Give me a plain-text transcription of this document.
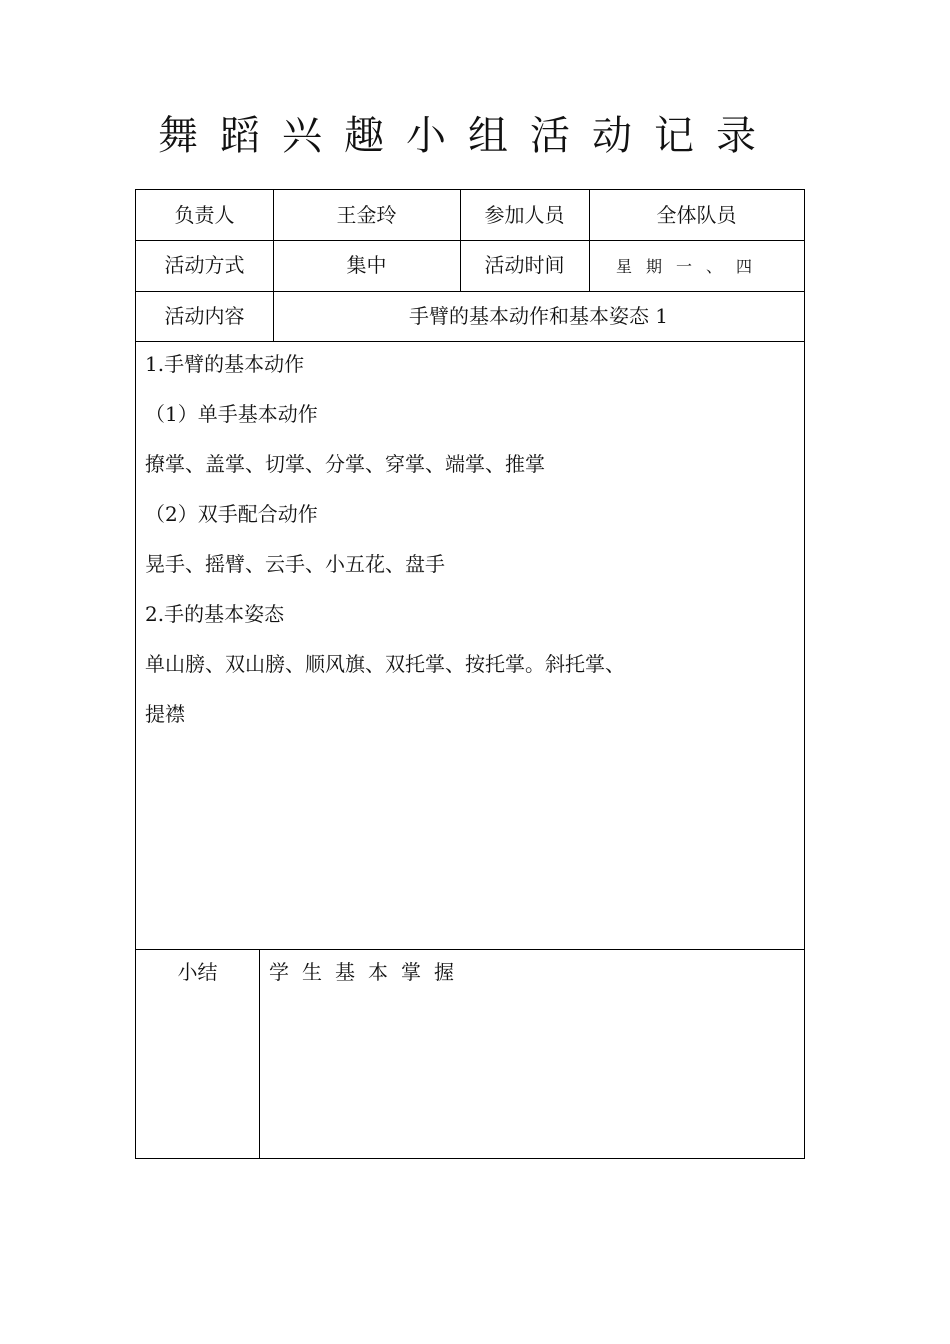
舞蹈兴趣小组活动记录
负责人	王金玲	参加人员	全体队员
活动方式	集中	活动时间	星期一、四
活动内容	手臂的基本动作和基本姿态 1
1.手臂的基本动作
（1）单手基本动作
撩掌、盖掌、切掌、分掌、穿掌、端掌、推掌
（2）双手配合动作
晃手、摇臂、云手、小五花、盘手
2.手的基本姿态
单山膀、双山膀、顺风旗、双托掌、按托掌。斜托掌、
提襟
小结	学生基本掌握
